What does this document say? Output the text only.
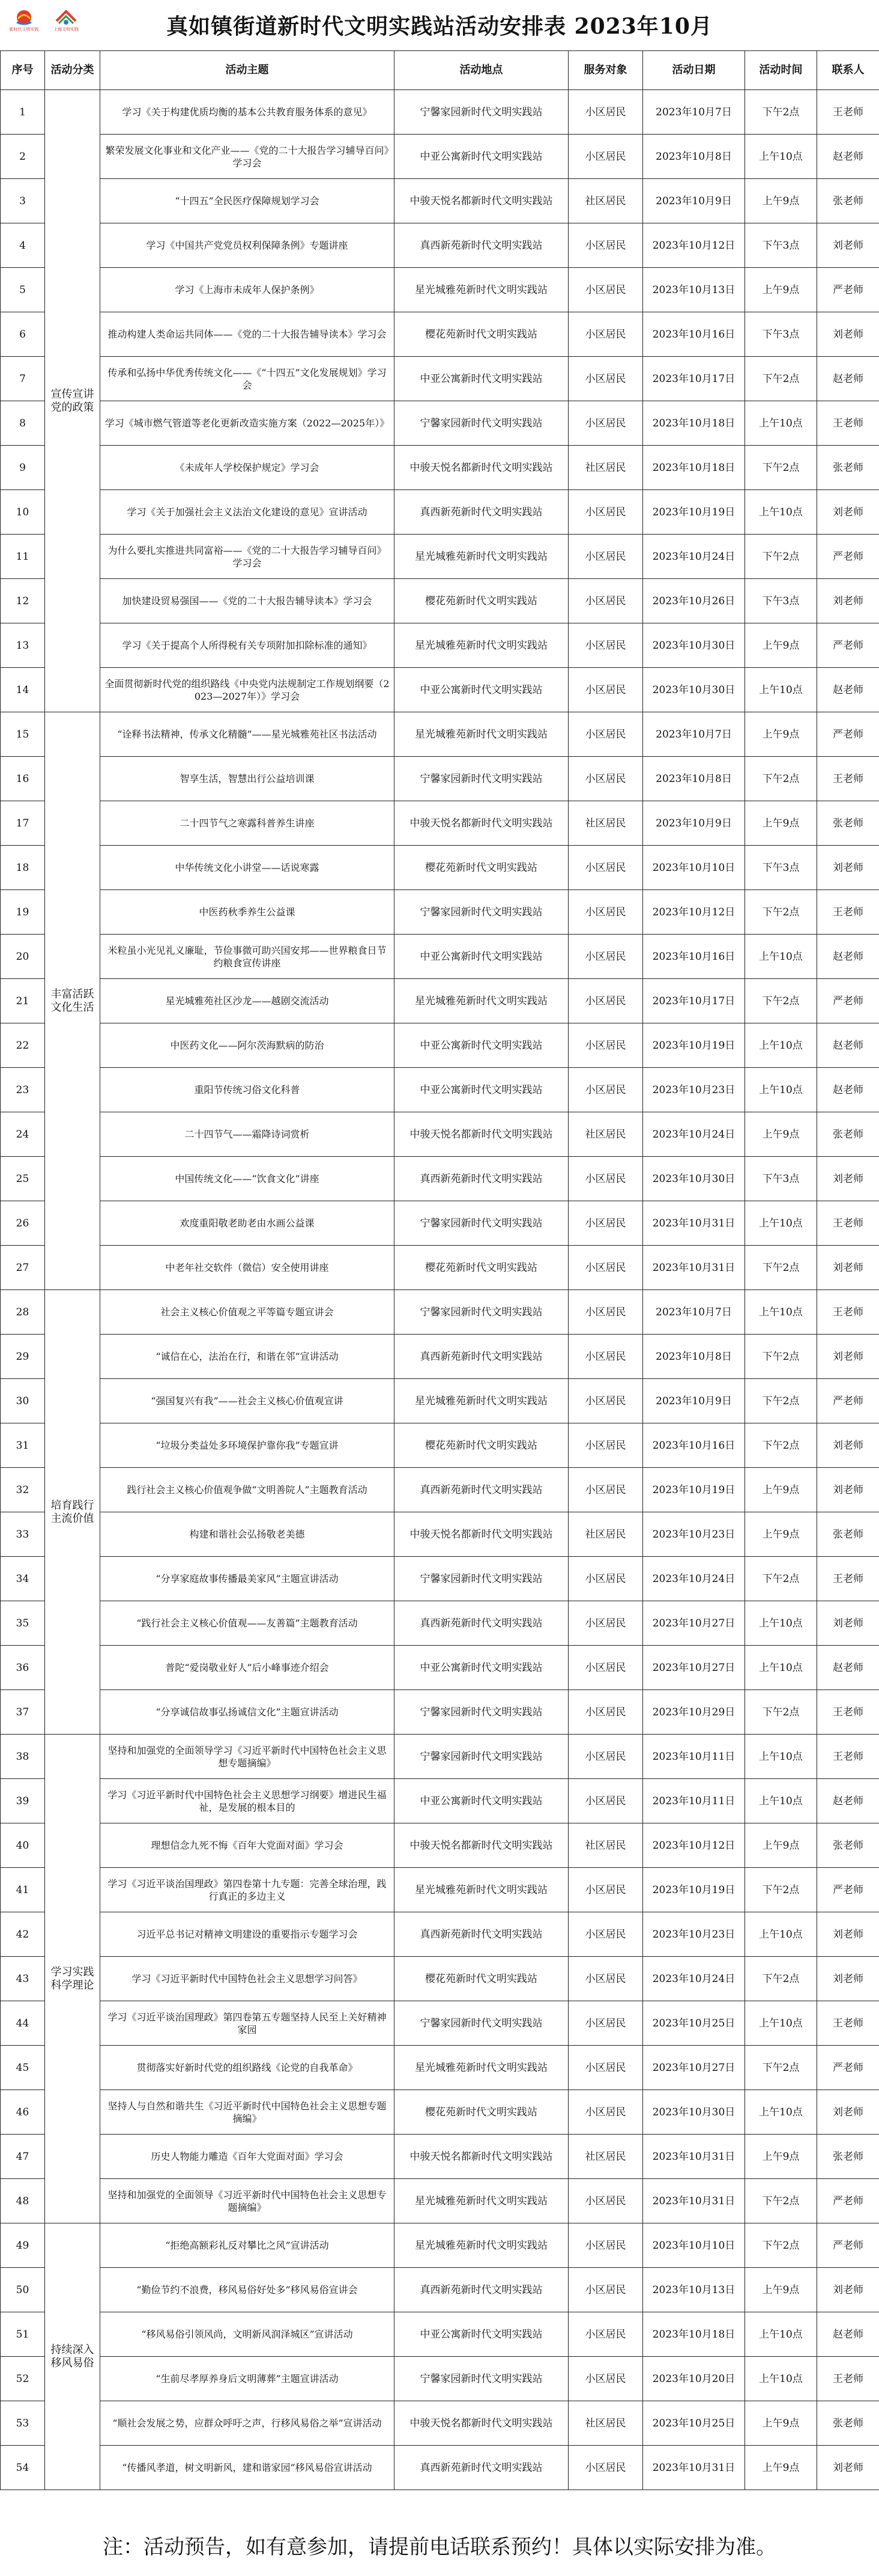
新时代文明实践	上海文明实践	真如镇街道新时代文明实践站活动安排表 2023年10月
序号	活动分类	活动主题	活动地点	服务对象	活动日期	活动时间	联系人
1	宣传宣讲党的政策	学习《关于构建优质均衡的基本公共教育服务体系的意见》	宁馨家园新时代文明实践站	小区居民	2023年10月7日	下午2点	王老师
2		繁荣发展文化事业和文化产业——《党的二十大报告学习辅导百问》学习会	中亚公寓新时代文明实践站	小区居民	2023年10月8日	上午10点	赵老师
3		“十四五”全民医疗保障规划学习会	中骏天悦名都新时代文明实践站	社区居民	2023年10月9日	上午9点	张老师
4		学习《中国共产党党员权利保障条例》专题讲座	真西新苑新时代文明实践站	小区居民	2023年10月12日	下午3点	刘老师
5		学习《上海市未成年人保护条例》	星光城雅苑新时代文明实践站	小区居民	2023年10月13日	上午9点	严老师
6		推动构建人类命运共同体——《党的二十大报告辅导读本》学习会	樱花苑新时代文明实践站	小区居民	2023年10月16日	下午3点	刘老师
7		传承和弘扬中华优秀传统文化——《“十四五”文化发展规划》学习会	中亚公寓新时代文明实践站	小区居民	2023年10月17日	下午2点	赵老师
8		学习《城市燃气管道等老化更新改造实施方案（2022—2025年）》	宁馨家园新时代文明实践站	小区居民	2023年10月18日	上午10点	王老师
9		《未成年人学校保护规定》学习会	中骏天悦名都新时代文明实践站	社区居民	2023年10月18日	下午2点	张老师
10		学习《关于加强社会主义法治文化建设的意见》宣讲活动	真西新苑新时代文明实践站	小区居民	2023年10月19日	上午10点	刘老师
11		为什么要扎实推进共同富裕——《党的二十大报告学习辅导百问》学习会	星光城雅苑新时代文明实践站	小区居民	2023年10月24日	下午2点	严老师
12		加快建设贸易强国——《党的二十大报告辅导读本》学习会	樱花苑新时代文明实践站	小区居民	2023年10月26日	下午3点	刘老师
13		学习《关于提高个人所得税有关专项附加扣除标准的通知》	星光城雅苑新时代文明实践站	小区居民	2023年10月30日	上午9点	严老师
14		全面贯彻新时代党的组织路线《中央党内法规制定工作规划纲要（2023—2027年）》学习会	中亚公寓新时代文明实践站	小区居民	2023年10月30日	上午10点	赵老师
15	丰富活跃文化生活	“诠释书法精神，传承文化精髓”——星光城雅苑社区书法活动	星光城雅苑新时代文明实践站	小区居民	2023年10月7日	上午9点	严老师
16		智享生活，智慧出行公益培训课	宁馨家园新时代文明实践站	小区居民	2023年10月8日	下午2点	王老师
17		二十四节气之寒露科普养生讲座	中骏天悦名都新时代文明实践站	社区居民	2023年10月9日	上午9点	张老师
18		中华传统文化小讲堂——话说寒露	樱花苑新时代文明实践站	小区居民	2023年10月10日	下午3点	刘老师
19		中医药秋季养生公益课	宁馨家园新时代文明实践站	小区居民	2023年10月12日	下午2点	王老师
20		米粒虽小光见礼义廉耻，节俭事微可助兴国安邦——世界粮食日节约粮食宣传讲座	中亚公寓新时代文明实践站	小区居民	2023年10月16日	上午10点	赵老师
21		星光城雅苑社区沙龙——越剧交流活动	星光城雅苑新时代文明实践站	小区居民	2023年10月17日	下午2点	严老师
22		中医药文化——阿尔茨海默病的防治	中亚公寓新时代文明实践站	小区居民	2023年10月19日	上午10点	赵老师
23		重阳节传统习俗文化科普	中亚公寓新时代文明实践站	小区居民	2023年10月23日	上午10点	赵老师
24		二十四节气——霜降诗词赏析	中骏天悦名都新时代文明实践站	社区居民	2023年10月24日	上午9点	张老师
25		中国传统文化——“饮食文化”讲座	真西新苑新时代文明实践站	小区居民	2023年10月30日	下午3点	刘老师
26		欢度重阳敬老助老由水画公益课	宁馨家园新时代文明实践站	小区居民	2023年10月31日	上午10点	王老师
27		中老年社交软件（微信）安全使用讲座	樱花苑新时代文明实践站	小区居民	2023年10月31日	下午2点	刘老师
28	培育践行主流价值	社会主义核心价值观之平等篇专题宣讲会	宁馨家园新时代文明实践站	小区居民	2023年10月7日	上午10点	王老师
29		“诚信在心，法治在行，和谐在邻”宣讲活动	真西新苑新时代文明实践站	小区居民	2023年10月8日	下午2点	刘老师
30		“强国复兴有我”——社会主义核心价值观宣讲	星光城雅苑新时代文明实践站	小区居民	2023年10月9日	下午2点	严老师
31		“垃圾分类益处多环境保护靠你我”专题宣讲	樱花苑新时代文明实践站	小区居民	2023年10月16日	下午2点	刘老师
32		践行社会主义核心价值观争做“文明善院人”主题教育活动	真西新苑新时代文明实践站	小区居民	2023年10月19日	上午9点	刘老师
33		构建和谐社会弘扬敬老美德	中骏天悦名都新时代文明实践站	社区居民	2023年10月23日	上午9点	张老师
34		“分享家庭故事传播最美家风”主题宣讲活动	宁馨家园新时代文明实践站	小区居民	2023年10月24日	下午2点	王老师
35		“践行社会主义核心价值观——友善篇”主题教育活动	真西新苑新时代文明实践站	小区居民	2023年10月27日	上午10点	刘老师
36		普陀“爱岗敬业好人”后小峰事迹介绍会	中亚公寓新时代文明实践站	小区居民	2023年10月27日	上午10点	赵老师
37		“分享诚信故事弘扬诚信文化”主题宣讲活动	宁馨家园新时代文明实践站	小区居民	2023年10月29日	下午2点	王老师
38	学习实践科学理论	坚持和加强党的全面领导学习《习近平新时代中国特色社会主义思想专题摘编》	宁馨家园新时代文明实践站	小区居民	2023年10月11日	上午10点	王老师
39		学习《习近平新时代中国特色社会主义思想学习纲要》增进民生福祉，是发展的根本目的	中亚公寓新时代文明实践站	小区居民	2023年10月11日	上午10点	赵老师
40		理想信念九死不悔《百年大党面对面》学习会	中骏天悦名都新时代文明实践站	社区居民	2023年10月12日	上午9点	张老师
41		学习《习近平谈治国理政》第四卷第十九专题：完善全球治理，践行真正的多边主义	星光城雅苑新时代文明实践站	小区居民	2023年10月19日	下午2点	严老师
42		习近平总书记对精神文明建设的重要指示专题学习会	真西新苑新时代文明实践站	小区居民	2023年10月23日	上午10点	刘老师
43		学习《习近平新时代中国特色社会主义思想学习问答》	樱花苑新时代文明实践站	小区居民	2023年10月24日	下午2点	刘老师
44		学习《习近平谈治国理政》第四卷第五专题坚持人民至上关好精神家园	宁馨家园新时代文明实践站	小区居民	2023年10月25日	上午10点	王老师
45		贯彻落实好新时代党的组织路线《论党的自我革命》	星光城雅苑新时代文明实践站	小区居民	2023年10月27日	下午2点	严老师
46		坚持人与自然和谐共生《习近平新时代中国特色社会主义思想专题摘编》	樱花苑新时代文明实践站	小区居民	2023年10月30日	上午10点	刘老师
47		历史人物能力雕造《百年大党面对面》学习会	中骏天悦名都新时代文明实践站	社区居民	2023年10月31日	上午9点	张老师
48		坚持和加强党的全面领导《习近平新时代中国特色社会主义思想专题摘编》	星光城雅苑新时代文明实践站	小区居民	2023年10月31日	下午2点	严老师
49	持续深入移风易俗	“拒绝高额彩礼反对攀比之风”宣讲活动	星光城雅苑新时代文明实践站	小区居民	2023年10月10日	下午2点	严老师
50		“勤俭节约不浪费，移风易俗好处多”移风易俗宣讲会	真西新苑新时代文明实践站	小区居民	2023年10月13日	上午9点	刘老师
51		“移风易俗引领风尚，文明新风润泽城区”宣讲活动	中亚公寓新时代文明实践站	小区居民	2023年10月18日	上午10点	赵老师
52		“生前尽孝厚养身后文明薄葬”主题宣讲活动	宁馨家园新时代文明实践站	小区居民	2023年10月20日	上午10点	王老师
53		“顺社会发展之势，应群众呼吁之声，行移风易俗之举”宣讲活动	中骏天悦名都新时代文明实践站	社区居民	2023年10月25日	上午9点	张老师
54		“传播风孝道，树文明新风，建和谐家园”移风易俗宣讲活动	真西新苑新时代文明实践站	小区居民	2023年10月31日	上午9点	刘老师
注：活动预告，如有意参加，请提前电话联系预约！具体以实际安排为准。
